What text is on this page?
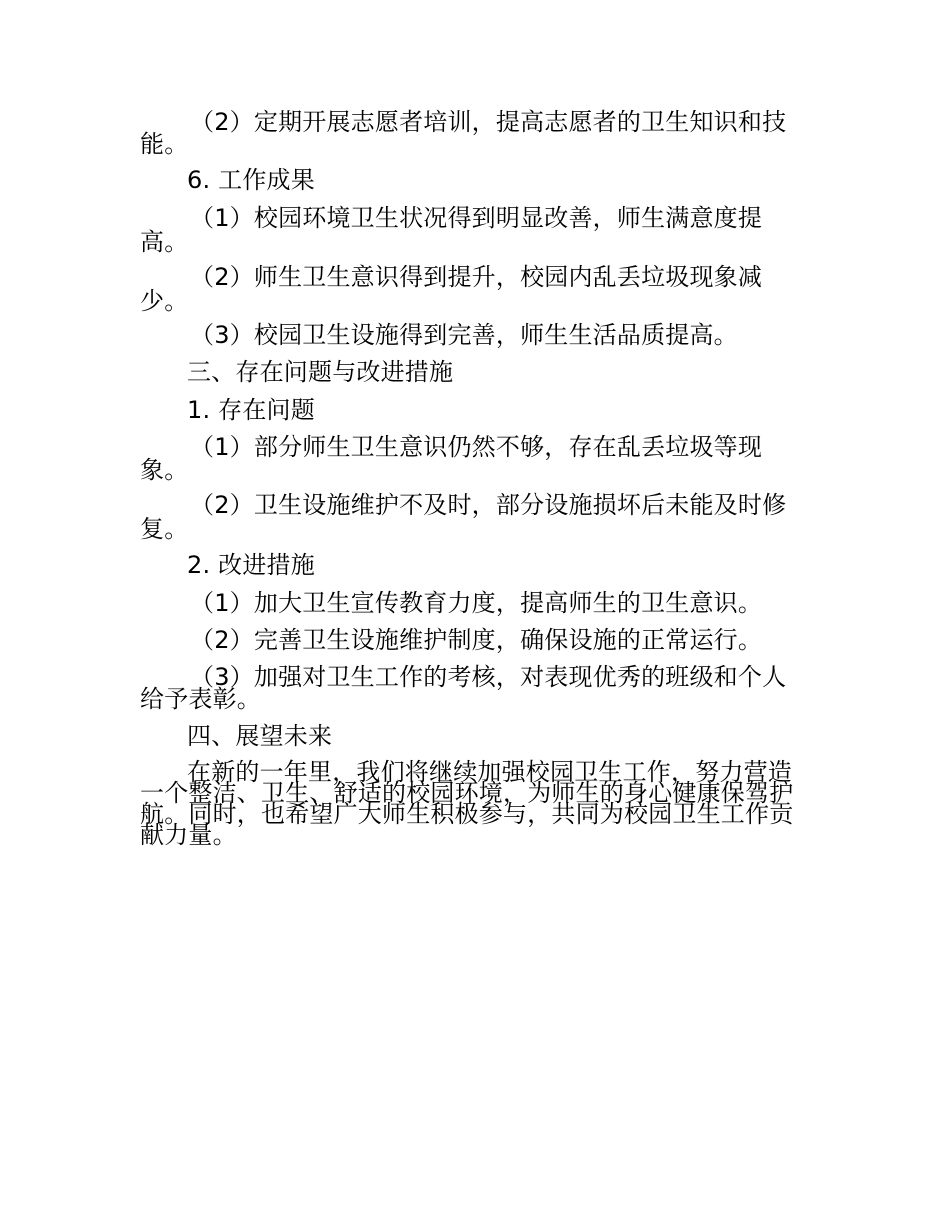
（2）定期开展志愿者培训，提高志愿者的卫生知识和技
能。
6. 工作成果
（1）校园环境卫生状况得到明显改善，师生满意度提
高。
（2）师生卫生意识得到提升，校园内乱丢垃圾现象减
少。
（3）校园卫生设施得到完善，师生生活品质提高。
三、存在问题与改进措施
1. 存在问题
（1）部分师生卫生意识仍然不够，存在乱丢垃圾等现
象。
（2）卫生设施维护不及时，部分设施损坏后未能及时修
复。
2. 改进措施
（1）加大卫生宣传教育力度，提高师生的卫生意识。
（2）完善卫生设施维护制度，确保设施的正常运行。
（3）加强对卫生工作的考核，对表现优秀的班级和个人
给予表彰。
四、展望未来
在新的一年里，我们将继续加强校园卫生工作，努力营造
一个整洁、卫生、舒适的校园环境，为师生的身心健康保驾护
航。同时，也希望广大师生积极参与，共同为校园卫生工作贡
献力量。
